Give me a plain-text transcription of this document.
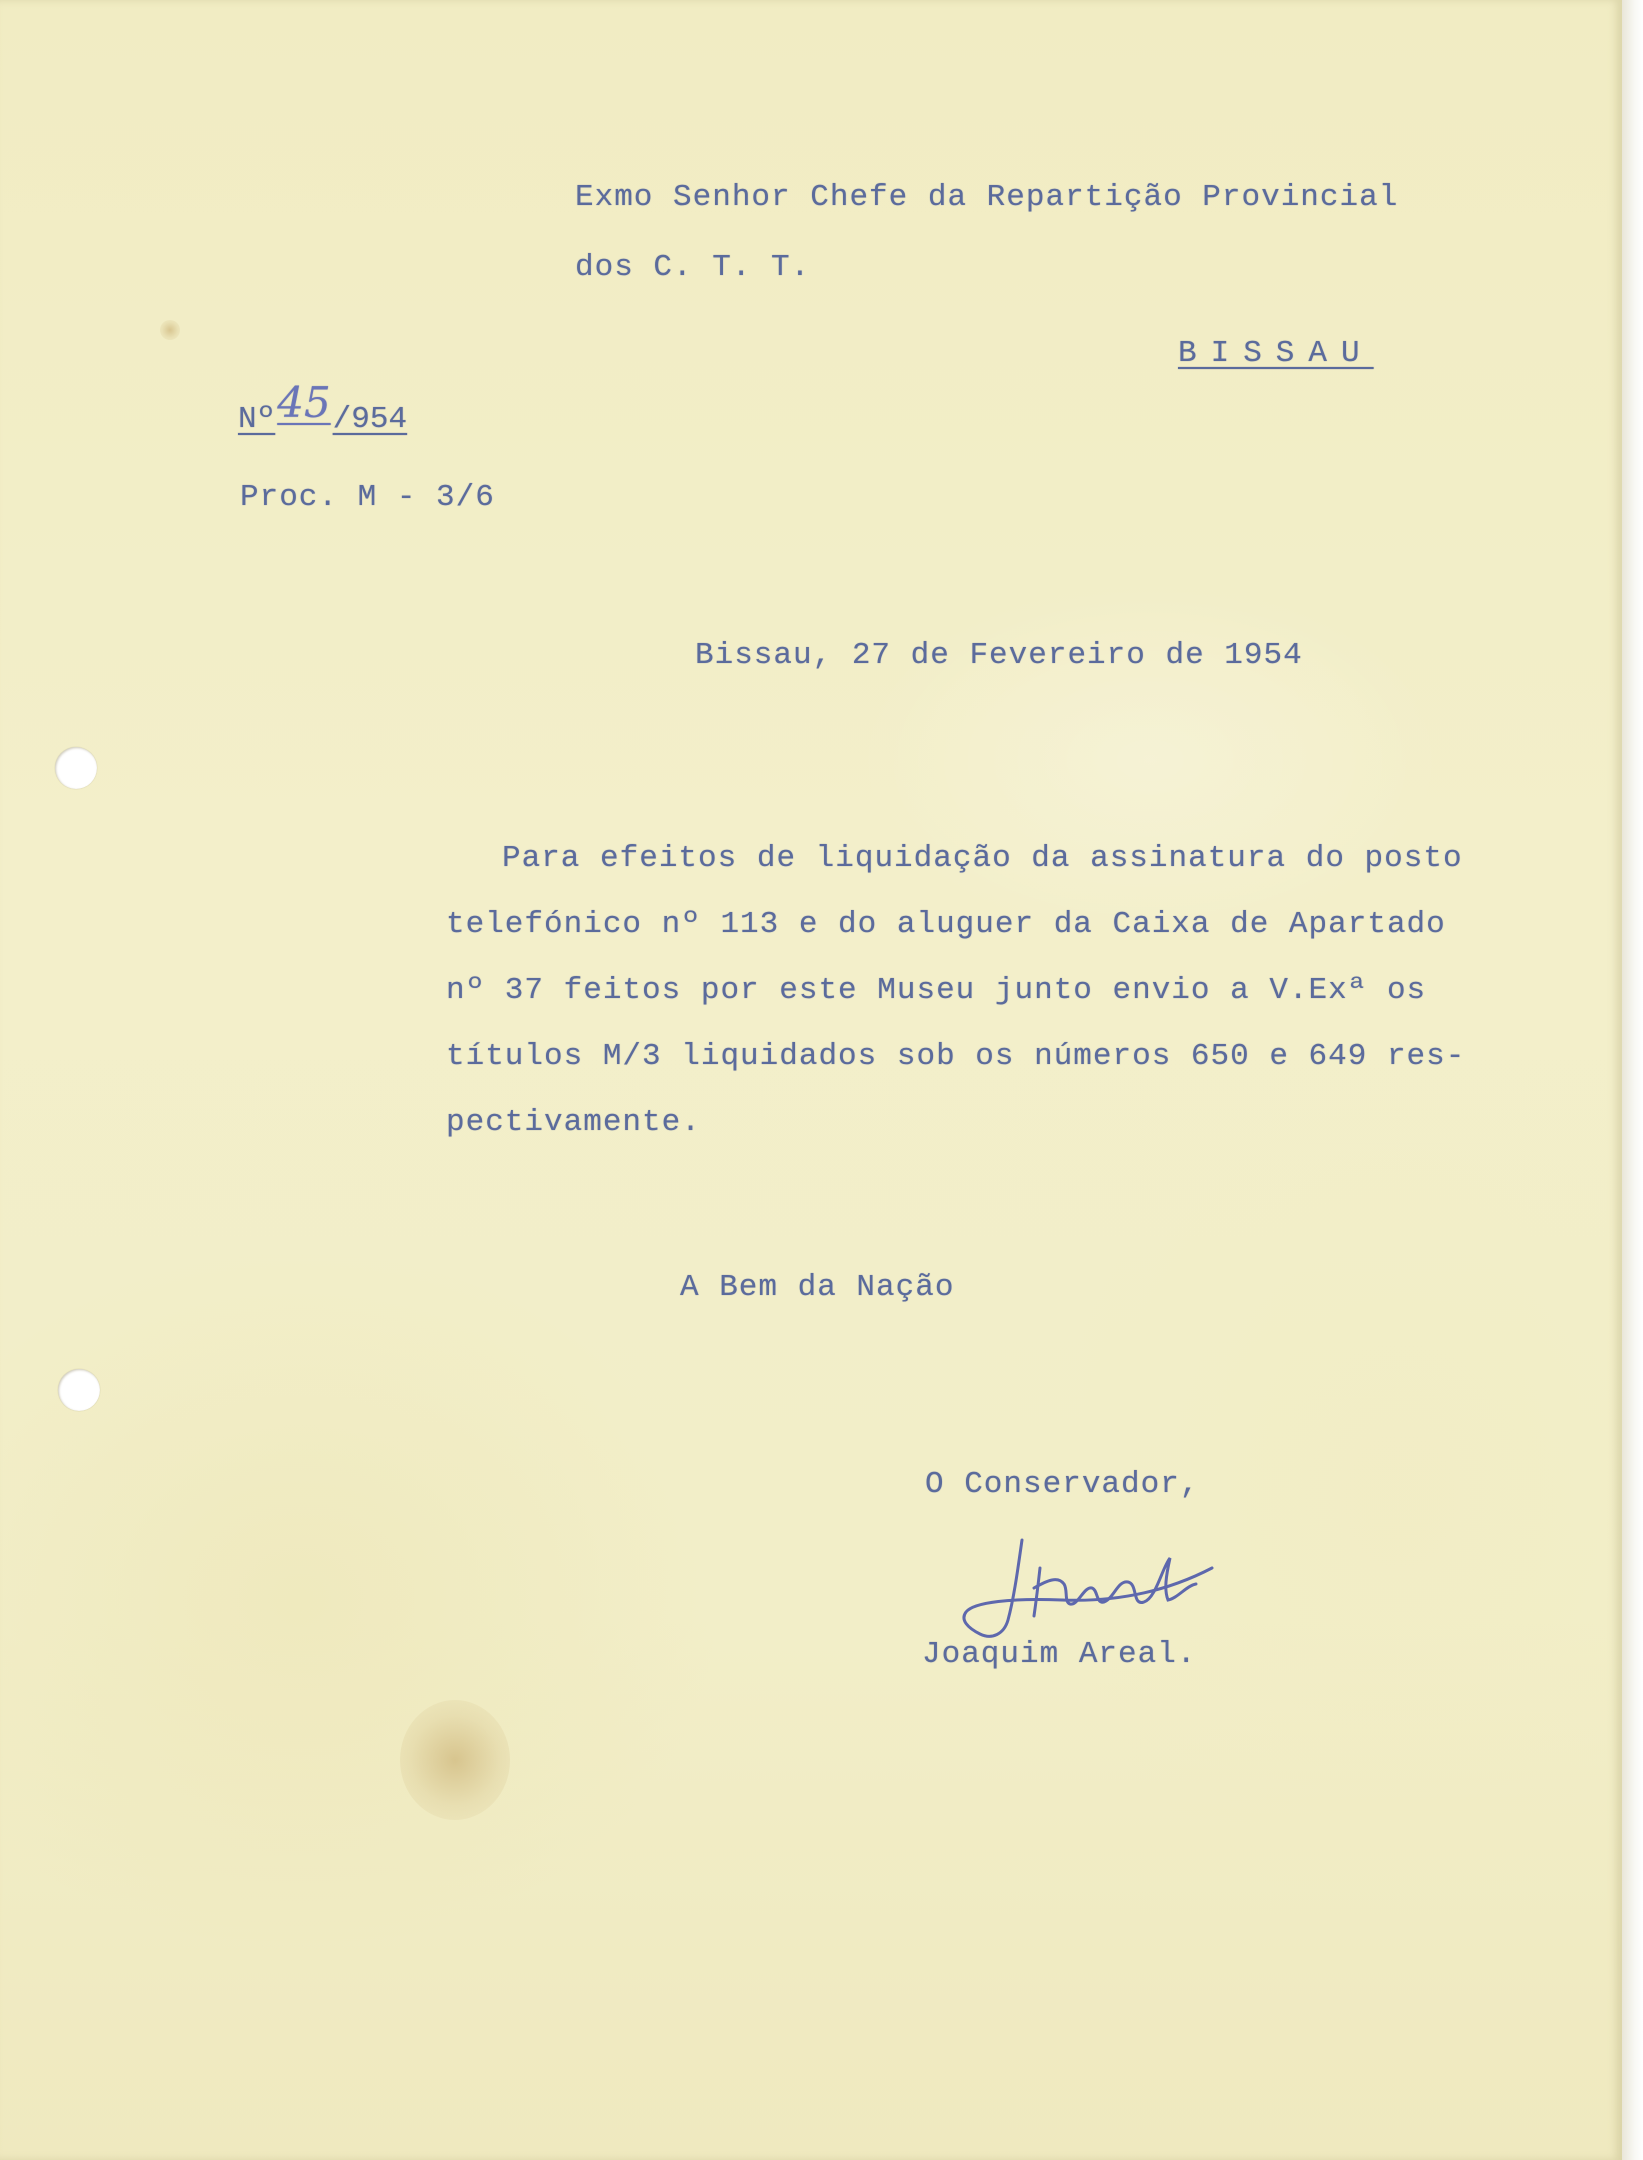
Exmo Senhor Chefe da Repartição Provincial

dos C. T. T.

BISSAU

Nº45/954

Proc. M - 3/6

Bissau, 27 de Fevereiro de 1954

Para efeitos de liquidação da assinatura do posto
telefónico nº 113 e do aluguer da Caixa de Apartado
nº 37 feitos por este Museu junto envio a V.Exª os
títulos M/3 liquidados sob os números 650 e 649 res-
pectivamente.

A Bem da Nação

O Conservador,

Joaquim Areal.
